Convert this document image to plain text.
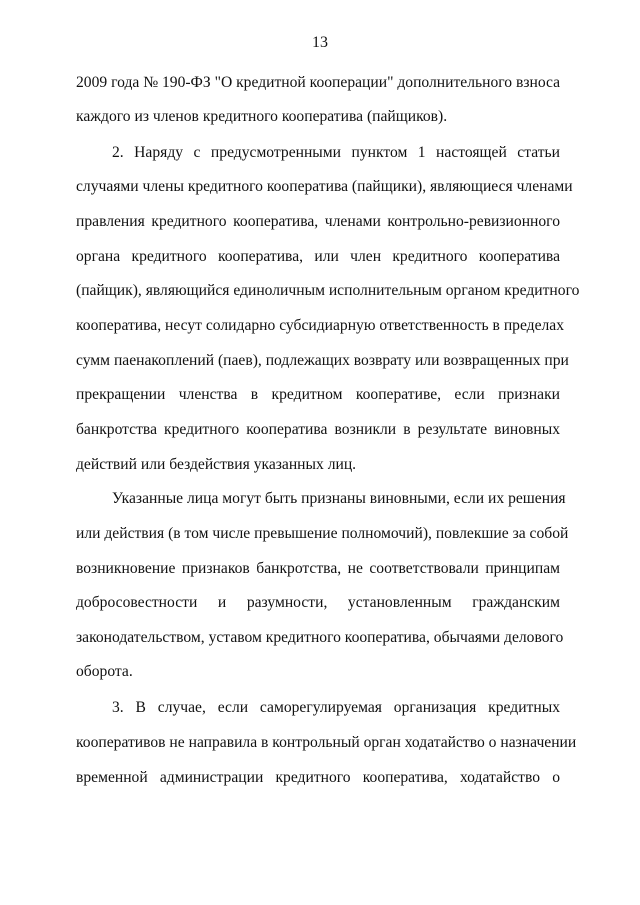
13
2009 года № 190-ФЗ "О кредитной кооперации" дополнительного взноса
каждого из членов кредитного кооператива (пайщиков).
2. Наряду с предусмотренными пунктом 1 настоящей статьи
случаями члены кредитного кооператива (пайщики), являющиеся членами
правления кредитного кооператива, членами контрольно-ревизионного
органа кредитного кооператива, или член кредитного кооператива
(пайщик), являющийся единоличным исполнительным органом кредитного
кооператива, несут солидарно субсидиарную ответственность в пределах
сумм паенакоплений (паев), подлежащих возврату или возвращенных при
прекращении членства в кредитном кооперативе, если признаки
банкротства кредитного кооператива возникли в результате виновных
действий или бездействия указанных лиц.
Указанные лица могут быть признаны виновными, если их решения
или действия (в том числе превышение полномочий), повлекшие за собой
возникновение признаков банкротства, не соответствовали принципам
добросовестности и разумности, установленным гражданским
законодательством, уставом кредитного кооператива, обычаями делового
оборота.
3. В случае, если саморегулируемая организация кредитных
кооперативов не направила в контрольный орган ходатайство о назначении
временной администрации кредитного кооператива, ходатайство о
